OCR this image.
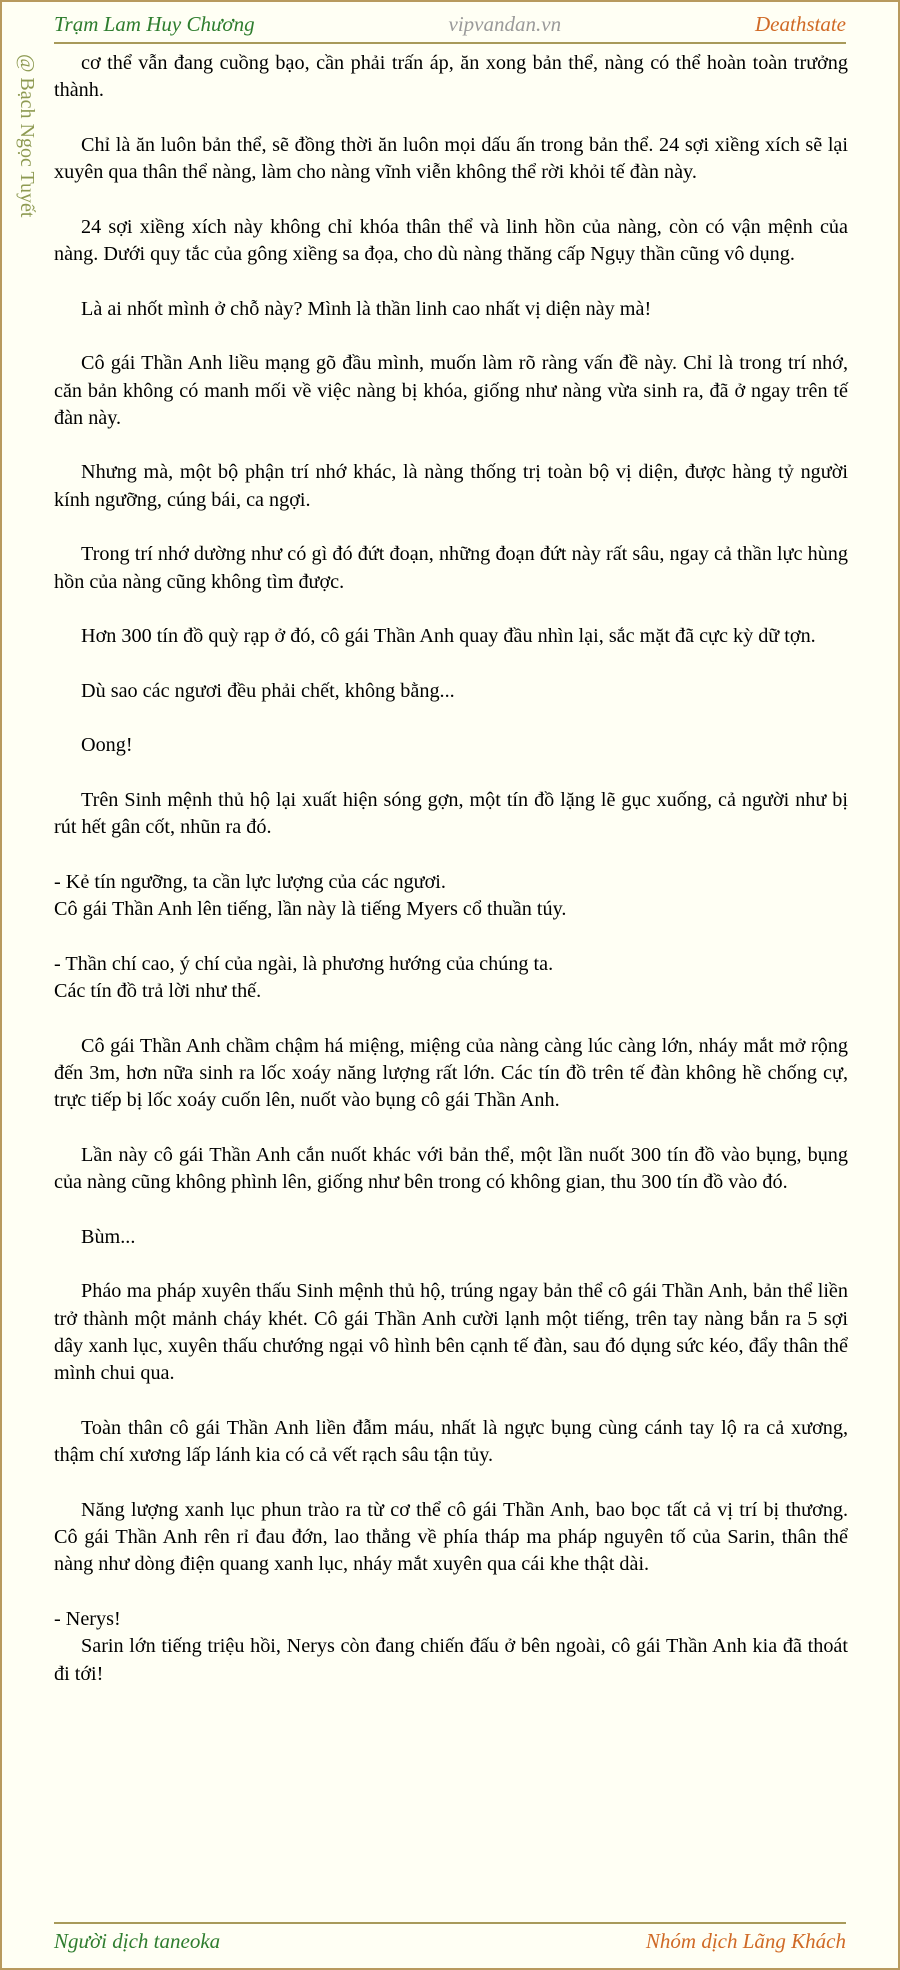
Trạm Lam Huy Chương	vipvandan.vn	Deathstate
@ Bạch Ngọc Tuyết	cơ thể vẫn đang cuồng bạo, cần phải trấn áp, ăn xong bản thể, nàng có thể hoàn toàn trưởng thành.

Chỉ là ăn luôn bản thể, sẽ đồng thời ăn luôn mọi dấu ấn trong bản thể. 24 sợi xiềng xích sẽ lại xuyên qua thân thể nàng, làm cho nàng vĩnh viễn không thể rời khỏi tế đàn này.

24 sợi xiềng xích này không chỉ khóa thân thể và linh hồn của nàng, còn có vận mệnh của nàng. Dưới quy tắc của gông xiềng sa đọa, cho dù nàng thăng cấp Ngụy thần cũng vô dụng.

Là ai nhốt mình ở chỗ này? Mình là thần linh cao nhất vị diện này mà!

Cô gái Thần Anh liều mạng gõ đầu mình, muốn làm rõ ràng vấn đề này. Chỉ là trong trí nhớ, căn bản không có manh mối về việc nàng bị khóa, giống như nàng vừa sinh ra, đã ở ngay trên tế đàn này.

Nhưng mà, một bộ phận trí nhớ khác, là nàng thống trị toàn bộ vị diện, được hàng tỷ người kính ngưỡng, cúng bái, ca ngợi.

Trong trí nhớ dường như có gì đó đứt đoạn, những đoạn đứt này rất sâu, ngay cả thần lực hùng hồn của nàng cũng không tìm được.

Hơn 300 tín đồ quỳ rạp ở đó, cô gái Thần Anh quay đầu nhìn lại, sắc mặt đã cực kỳ dữ tợn.

Dù sao các ngươi đều phải chết, không bằng...

Oong!

Trên Sinh mệnh thủ hộ lại xuất hiện sóng gợn, một tín đồ lặng lẽ gục xuống, cả người như bị rút hết gân cốt, nhũn ra đó.

- Kẻ tín ngưỡng, ta cần lực lượng của các ngươi.
Cô gái Thần Anh lên tiếng, lần này là tiếng Myers cổ thuần túy.

- Thần chí cao, ý chí của ngài, là phương hướng của chúng ta.
Các tín đồ trả lời như thế.

Cô gái Thần Anh chầm chậm há miệng, miệng của nàng càng lúc càng lớn, nháy mắt mở rộng đến 3m, hơn nữa sinh ra lốc xoáy năng lượng rất lớn. Các tín đồ trên tế đàn không hề chống cự, trực tiếp bị lốc xoáy cuốn lên, nuốt vào bụng cô gái Thần Anh.

Lần này cô gái Thần Anh cắn nuốt khác với bản thể, một lần nuốt 300 tín đồ vào bụng, bụng của nàng cũng không phình lên, giống như bên trong có không gian, thu 300 tín đồ vào đó.

Bùm...

Pháo ma pháp xuyên thấu Sinh mệnh thủ hộ, trúng ngay bản thể cô gái Thần Anh, bản thể liền trở thành một mảnh cháy khét. Cô gái Thần Anh cười lạnh một tiếng, trên tay nàng bắn ra 5 sợi dây xanh lục, xuyên thấu chướng ngại vô hình bên cạnh tế đàn, sau đó dụng sức kéo, đẩy thân thể mình chui qua.

Toàn thân cô gái Thần Anh liền đẫm máu, nhất là ngực bụng cùng cánh tay lộ ra cả xương, thậm chí xương lấp lánh kia có cả vết rạch sâu tận tủy.

Năng lượng xanh lục phun trào ra từ cơ thể cô gái Thần Anh, bao bọc tất cả vị trí bị thương. Cô gái Thần Anh rên rỉ đau đớn, lao thẳng về phía tháp ma pháp nguyên tố của Sarin, thân thể nàng như dòng điện quang xanh lục, nháy mắt xuyên qua cái khe thật dài.

- Nerys!
Sarin lớn tiếng triệu hồi, Nerys còn đang chiến đấu ở bên ngoài, cô gái Thần Anh kia đã thoát đi tới!

Người dịch taneoka	Nhóm dịch Lãng Khách
